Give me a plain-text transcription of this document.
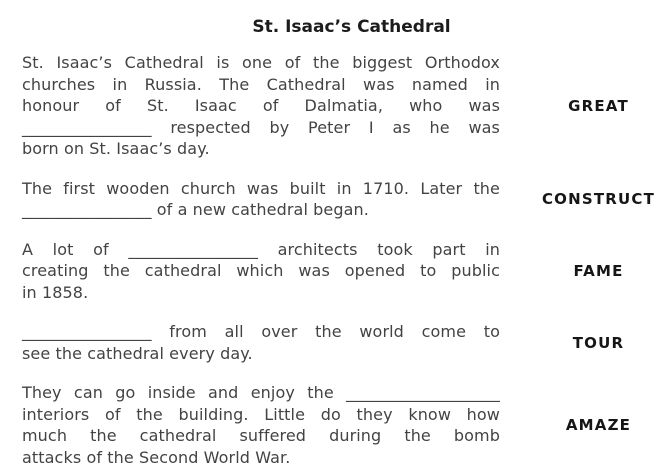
St. Isaac’s Cathedral
St. Isaac’s Cathedral is one of the biggest Orthodox
churches in Russia. The Cathedral was named in
honour of St. Isaac of Dalmatia, who was
________________ respected by Peter I as he was
born on St. Isaac’s day.
GREAT
The first wooden church was built in 1710. Later the
________________ of a new cathedral began.
CONSTRUCT
A lot of ________________ architects took part in
creating the cathedral which was opened to public
in 1858.
FAME
________________ from all over the world come to
see the cathedral every day.
TOUR
They can go inside and enjoy the ___________________
interiors of the building. Little do they know how
much the cathedral suffered during the bomb
attacks of the Second World War.
AMAZE
